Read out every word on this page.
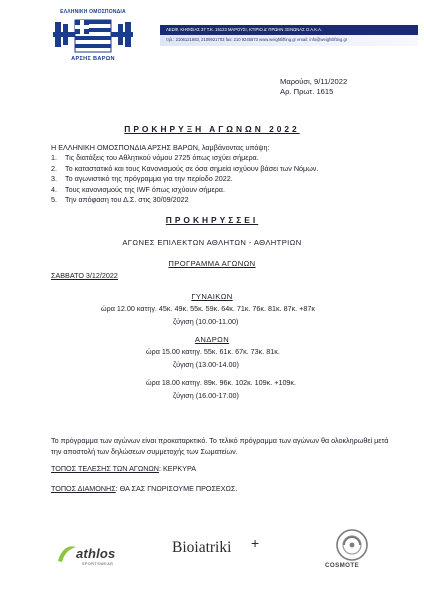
ΕΛΛΗΝΙΚΗ ΟΜΟΣΠΟΝΔΙΑ
ΑΡΣΗΣ ΒΑΡΩΝ
ΛΕΩΦ. ΚΗΦΙΣΙΑΣ 37 Τ.Κ. 15123 ΜΑΡΟΥΣΙ, ΚΤΙΡΙΟ Δ' ΠΡΩΗΝ ΞΕΝΩΝΑΣ Ο.Α.Κ.Α.
τηλ.: 2106121683, 2109921703 fax: 210 9245873 www.weightlifting.gr email: info@weightlifting.gr
Μαρούσι, 9/11/2022
Αρ. Πρωτ. 1615
ΠΡΟΚΗΡΥΞΗ ΑΓΩΝΩΝ 2022
Η ΕΛΛΗΝΙΚΗ ΟΜΟΣΠΟΝΔΙΑ ΑΡΣΗΣ ΒΑΡΩΝ, λαμβάνοντας υπόψη:
1. Τις διατάξεις του Αθλητικού νόμου 2725 όπως ισχύει σήμερα.
2. Το καταστατικό και τους Κανονισμούς σε όσα σημεία ισχύουν βάσει των Νόμων.
3. Το αγωνιστικό της πρόγραμμα για την περίοδο 2022.
4. Τους κανονισμούς της IWF όπως ισχύουν σήμερα.
5. Την απόφαση του Δ.Σ. στις 30/09/2022
ΠΡΟΚΗΡΥΣΣΕΙ
ΑΓΩΝΕΣ ΕΠΙΛΕΚΤΩΝ ΑΘΛΗΤΩΝ - ΑΘΛΗΤΡΙΩΝ
ΠΡΟΓΡΑΜΜΑ ΑΓΩΝΩΝ
ΣΑΒΒΑΤΟ 3/12/2022
ΓΥΝΑΙΚΩΝ
ώρα 12.00 κατηγ. 45κ. 49κ. 55κ. 59κ. 64κ. 71κ. 76κ. 81κ. 87κ. +87κ
ζύγιση (10.00-11.00)
ΑΝΔΡΩΝ
ώρα 15.00 κατηγ. 55κ. 61κ. 67κ. 73κ. 81κ.
ζύγιση (13.00-14.00)
ώρα 18.00 κατηγ. 89κ. 96κ. 102κ. 109κ. +109κ.
ζύγιση (16.00-17.00)
Το πρόγραμμα των αγώνων είναι προκαταρκτικό. Το τελικό πρόγραμμα των αγώνων θα ολοκληρωθεί μετά την αποστολή των δηλώσεων συμμετοχής των Σωματείων.
ΤΟΠΟΣ ΤΕΛΕΣΗΣ ΤΩΝ ΑΓΩΝΩΝ: ΚΕΡΚΥΡΑ
ΤΟΠΟΣ ΔΙΑΜΟΝΗΣ: ΘΑ ΣΑΣ ΓΝΩΡΙΣΟΥΜΕ ΠΡΟΣΕΧΩΣ.
athlos
SPORTSWEAR
Bioiatriki +
COSMOTE
